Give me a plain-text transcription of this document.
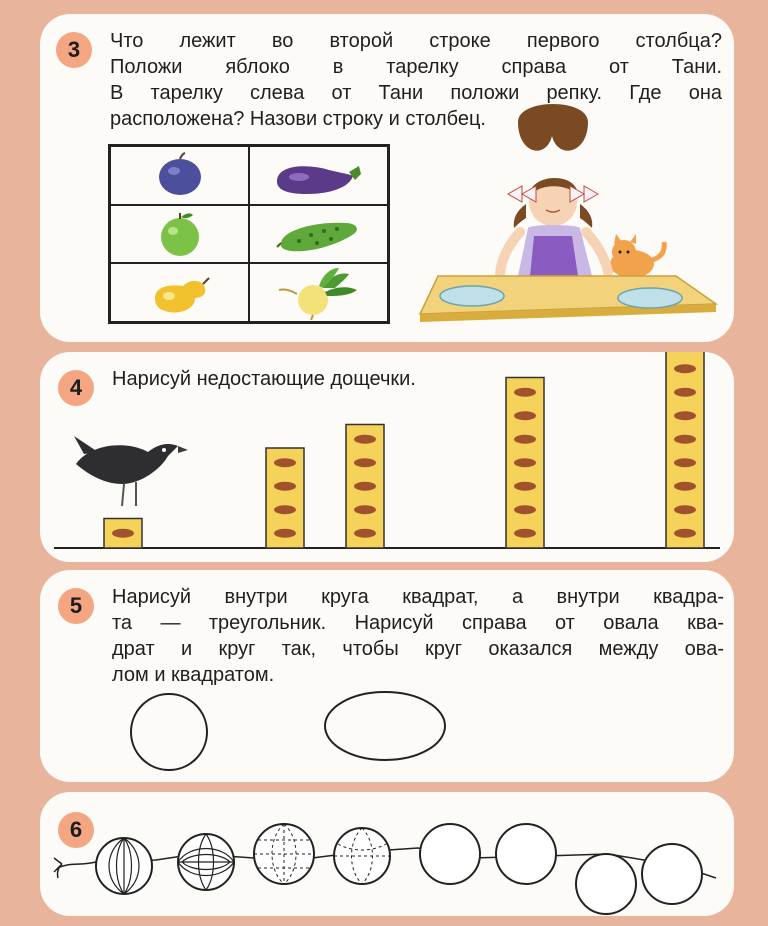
3	Что лежит во второй строке первого столбца?
Положи яблоко в тарелку справа от Тани.
В тарелку слева от Тани положи репку. Где она
расположена? Назови строку и столбец.

4	Нарисуй недостающие дощечки.

5	Нарисуй внутри круга квадрат, а внутри квадра-
та — треугольник. Нарисуй справа от овала ква-
драт и круг так, чтобы круг оказался между ова-
лом и квадратом.

6
